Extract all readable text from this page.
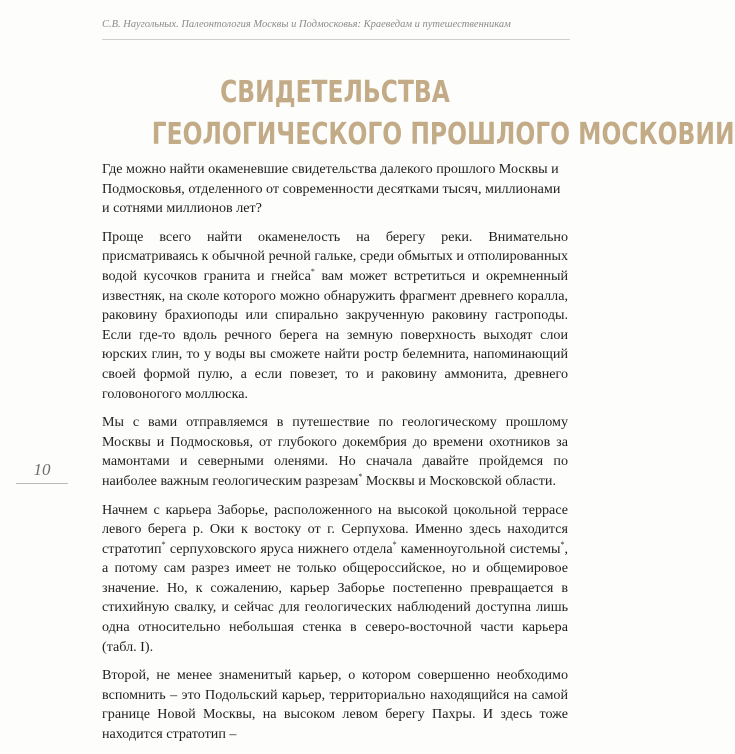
С.В. Наугольных. Палеонтология Москвы и Подмосковья: Краеведам и путешественникам
СВИДЕТЕЛЬСТВА
ГЕОЛОГИЧЕСКОГО ПРОШЛОГО МОСКОВИИ
10

Где можно найти окаменевшие свидетельства далекого прошлого Москвы и Подмосковья, отделенного от современности десятками тысяч, миллионами и сотнями миллионов лет?

Проще всего найти окаменелость на берегу реки. Внимательно присматриваясь к обычной речной гальке, среди обмытых и отполированных водой кусочков гранита и гнейса* вам может встретиться и окремненный известняк, на сколе которого можно обнаружить фрагмент древнего коралла, раковину брахиоподы или спирально закрученную раковину гастроподы. Если где-то вдоль речного берега на земную поверхность выходят слои юрских глин, то у воды вы сможете найти ростр белемнита, напоминающий своей формой пулю, а если повезет, то и раковину аммонита, древнего головоногого моллюска.

Мы с вами отправляемся в путешествие по геологическому прошлому Москвы и Подмосковья, от глубокого докембрия до времени охотников за мамонтами и северными оленями. Но сначала давайте пройдемся по наиболее важным геологическим разрезам* Москвы и Московской области.

Начнем с карьера Заборье, расположенного на высокой цокольной террасе левого берега р. Оки к востоку от г. Серпухова. Именно здесь находится стратотип* серпуховского яруса нижнего отдела* каменноугольной системы*, а потому сам разрез имеет не только общероссийское, но и общемировое значение. Но, к сожалению, карьер Заборье постепенно превращается в стихийную свалку, и сейчас для геологических наблюдений доступна лишь одна относительно небольшая стенка в северо-восточной части карьера (табл. I).

Второй, не менее знаменитый карьер, о котором совершенно необходимо вспомнить – это Подольский карьер, территориально находящийся на самой границе Новой Москвы, на высоком левом берегу Пахры. И здесь тоже находится стратотип –
